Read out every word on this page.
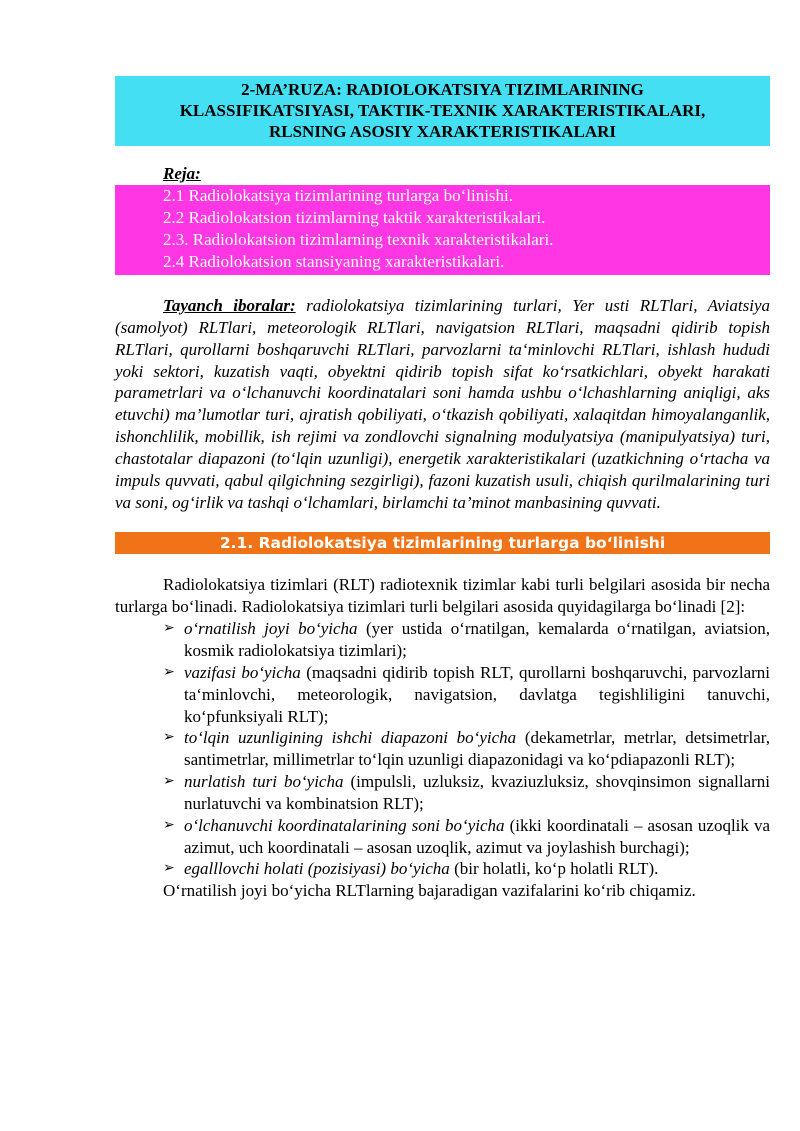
2-MA’RUZA: RADIOLOKATSIYA TIZIMLARINING
KLASSIFIKATSIYASI, TAKTIK-TEXNIK XARAKTERISTIKALARI,
RLSNING ASOSIY XARAKTERISTIKALARI
Reja:
2.1 Radiolokatsiya tizimlarining turlarga bo‘linishi.
2.2 Radiolokatsion tizimlarning taktik xarakteristikalari.
2.3. Radiolokatsion tizimlarning texnik xarakteristikalari.
2.4 Radiolokatsion stansiyaning xarakteristikalari.
Tayanch iboralar: radiolokatsiya tizimlarining turlari, Yer usti RLTlari, Aviatsiya (samolyot) RLTlari, meteorologik RLTlari, navigatsion RLTlari, maqsadni qidirib topish RLTlari, qurollarni boshqaruvchi RLTlari, parvozlarni ta‘minlovchi RLTlari, ishlash hududi yoki sektori, kuzatish vaqti, obyektni qidirib topish sifat ko‘rsatkichlari, obyekt harakati parametrlari va o‘lchanuvchi koordinatalari soni hamda ushbu o‘lchashlarning aniqligi, aks etuvchi) ma’lumotlar turi, ajratish qobiliyati, o‘tkazish qobiliyati, xalaqitdan himoyalanganlik, ishonchlilik, mobillik, ish rejimi va zondlovchi signalning modulyatsiya (manipulyatsiya) turi, chastotalar diapazoni (to‘lqin uzunligi), energetik xarakteristikalari (uzatkichning o‘rtacha va impuls quvvati, qabul qilgichning sezgirligi), fazoni kuzatish usuli, chiqish qurilmalarining turi va soni, og‘irlik va tashqi o‘lchamlari, birlamchi ta’minot manbasining quvvati.
2.1. Radiolokatsiya tizimlarining turlarga bo‘linishi
Radiolokatsiya tizimlari (RLT) radiotexnik tizimlar kabi turli belgilari asosida bir necha turlarga bo‘linadi. Radiolokatsiya tizimlari turli belgilari asosida quyidagilarga bo‘linadi [2]:
➢ o‘rnatilish joyi bo‘yicha (yer ustida o‘rnatilgan, kemalarda o‘rnatilgan, aviatsion, kosmik radiolokatsiya tizimlari);
➢ vazifasi bo‘yicha (maqsadni qidirib topish RLT, qurollarni boshqaruvchi, parvozlarni ta‘minlovchi, meteorologik, navigatsion, davlatga tegishliligini tanuvchi, ko‘pfunksiyali RLT);
➢ to‘lqin uzunligining ishchi diapazoni bo‘yicha (dekametrlar, metrlar, detsimetrlar, santimetrlar, millimetrlar to‘lqin uzunligi diapazonidagi va ko‘pdiapazonli RLT);
➢ nurlatish turi bo‘yicha (impulsli, uzluksiz, kvaziuzluksiz, shovqinsimon signallarni nurlatuvchi va kombinatsion RLT);
➢ o‘lchanuvchi koordinatalarining soni bo‘yicha (ikki koordinatali – asosan uzoqlik va azimut, uch koordinatali – asosan uzoqlik, azimut va joylashish burchagi);
➢ egalllovchi holati (pozisiyasi) bo‘yicha (bir holatli, ko‘p holatli RLT).
O‘rnatilish joyi bo‘yicha RLTlarning bajaradigan vazifalarini ko‘rib chiqamiz.
